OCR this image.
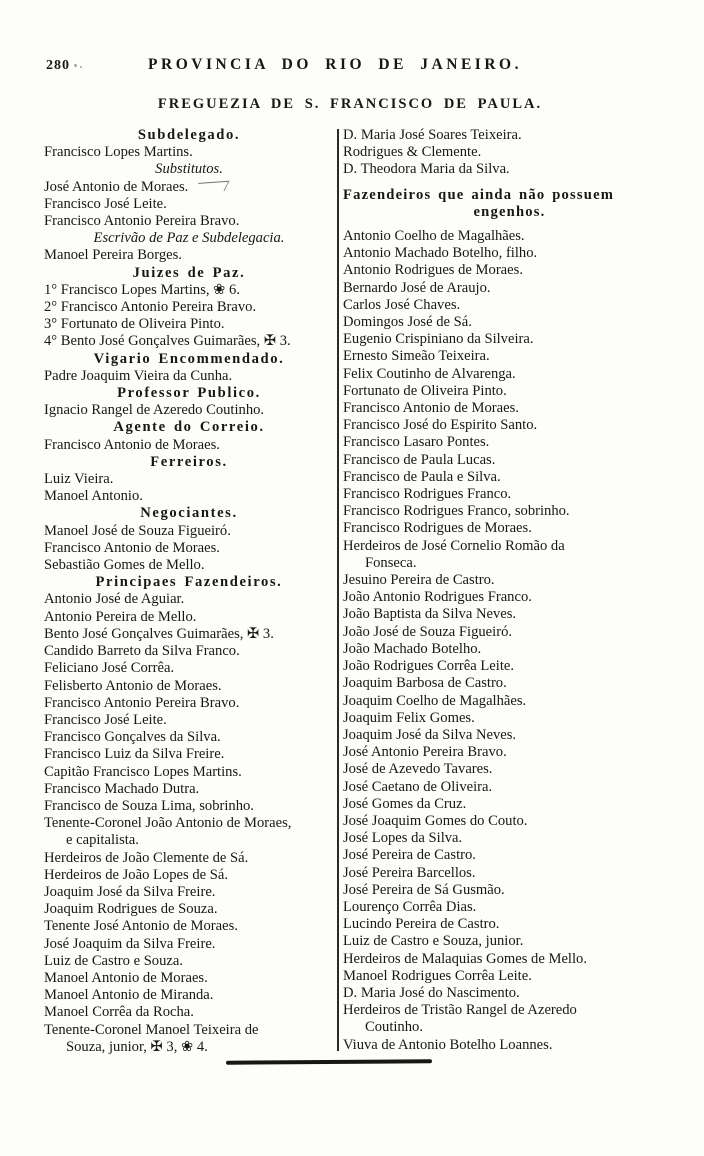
280	PROVINCIA DO RIO DE JANEIRO.
FREGUEZIA DE S. FRANCISCO DE PAULA.
Subdelegado.
Francisco Lopes Martins.
Substitutos.
José Antonio de Moraes.
Francisco José Leite.
Francisco Antonio Pereira Bravo.
Escrivão de Paz e Subdelegacia.
Manoel Pereira Borges.
Juizes de Paz.
1° Francisco Lopes Martins, ❀ 6.
2° Francisco Antonio Pereira Bravo.
3° Fortunato de Oliveira Pinto.
4° Bento José Gonçalves Guimarães, ✠ 3.
Vigario Encommendado.
Padre Joaquim Vieira da Cunha.
Professor Publico.
Ignacio Rangel de Azeredo Coutinho.
Agente do Correio.
Francisco Antonio de Moraes.
Ferreiros.
Luiz Vieira.
Manoel Antonio.
Negociantes.
Manoel José de Souza Figueiró.
Francisco Antonio de Moraes.
Sebastião Gomes de Mello.
Principaes Fazendeiros.
Antonio José de Aguiar.
Antonio Pereira de Mello.
Bento José Gonçalves Guimarães, ✠ 3.
Candido Barreto da Silva Franco.
Feliciano José Corrêa.
Felisberto Antonio de Moraes.
Francisco Antonio Pereira Bravo.
Francisco José Leite.
Francisco Gonçalves da Silva.
Francisco Luiz da Silva Freire.
Capitão Francisco Lopes Martins.
Francisco Machado Dutra.
Francisco de Souza Lima, sobrinho.
Tenente-Coronel João Antonio de Moraes,
e capitalista.
Herdeiros de João Clemente de Sá.
Herdeiros de João Lopes de Sá.
Joaquim José da Silva Freire.
Joaquim Rodrigues de Souza.
Tenente José Antonio de Moraes.
José Joaquim da Silva Freire.
Luiz de Castro e Souza.
Manoel Antonio de Moraes.
Manoel Antonio de Miranda.
Manoel Corrêa da Rocha.
Tenente-Coronel Manoel Teixeira de
Souza, junior, ✠ 3, ❀ 4.
D. Maria José Soares Teixeira.
Rodrigues & Clemente.
D. Theodora Maria da Silva.
Fazendeiros que ainda não possuem
engenhos.
Antonio Coelho de Magalhães.
Antonio Machado Botelho, filho.
Antonio Rodrigues de Moraes.
Bernardo José de Araujo.
Carlos José Chaves.
Domingos José de Sá.
Eugenio Crispiniano da Silveira.
Ernesto Simeão Teixeira.
Felix Coutinho de Alvarenga.
Fortunato de Oliveira Pinto.
Francisco Antonio de Moraes.
Francisco José do Espirito Santo.
Francisco Lasaro Pontes.
Francisco de Paula Lucas.
Francisco de Paula e Silva.
Francisco Rodrigues Franco.
Francisco Rodrigues Franco, sobrinho.
Francisco Rodrigues de Moraes.
Herdeiros de José Cornelio Romão da
Fonseca.
Jesuino Pereira de Castro.
João Antonio Rodrigues Franco.
João Baptista da Silva Neves.
João José de Souza Figueiró.
João Machado Botelho.
João Rodrigues Corrêa Leite.
Joaquim Barbosa de Castro.
Joaquim Coelho de Magalhães.
Joaquim Felix Gomes.
Joaquim José da Silva Neves.
José Antonio Pereira Bravo.
José de Azevedo Tavares.
José Caetano de Oliveira.
José Gomes da Cruz.
José Joaquim Gomes do Couto.
José Lopes da Silva.
José Pereira de Castro.
José Pereira Barcellos.
José Pereira de Sá Gusmão.
Lourenço Corrêa Dias.
Lucindo Pereira de Castro.
Luiz de Castro e Souza, junior.
Herdeiros de Malaquias Gomes de Mello.
Manoel Rodrigues Corrêa Leite.
D. Maria José do Nascimento.
Herdeiros de Tristão Rangel de Azeredo
Coutinho.
Viuva de Antonio Botelho Loannes.
